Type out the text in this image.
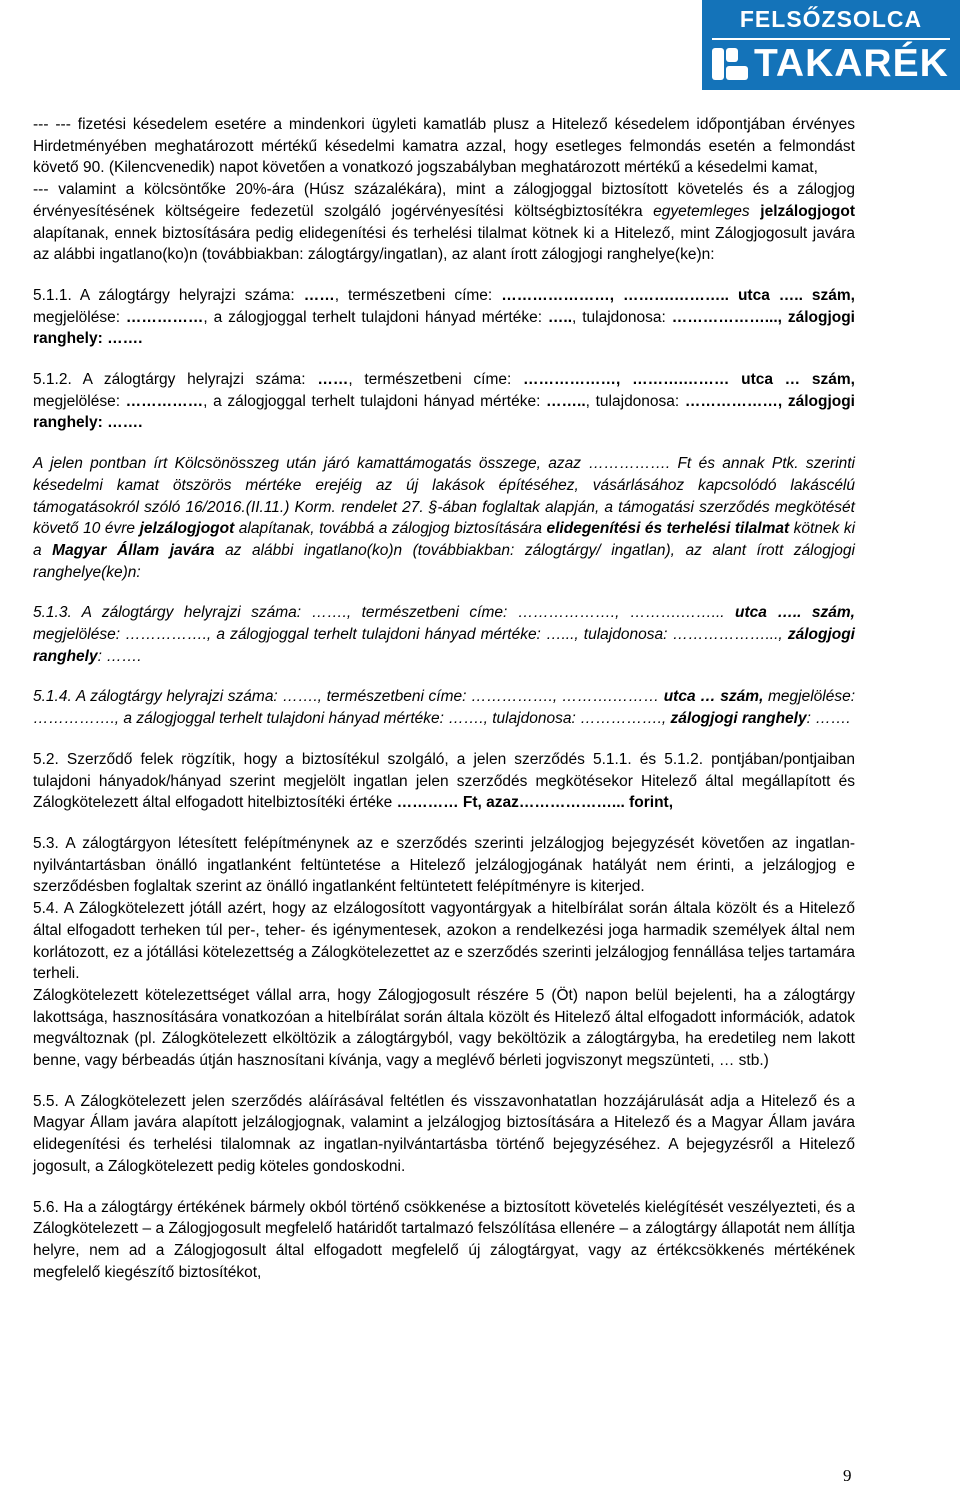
FELSŐZSOLCA
TAKARÉK

--- --- fizetési késedelem esetére a mindenkori ügyleti kamatláb plusz a Hitelező késedelem időpontjában érvényes Hirdetményében meghatározott mértékű késedelmi kamatra azzal, hogy esetleges felmondás esetén a felmondást követő 90. (Kilencvenedik) napot követően a vonatkozó jogszabályban meghatározott mértékű a késedelmi kamat,
--- valamint a kölcsöntőke 20%-ára (Húsz százalékára), mint a zálogjoggal biztosított követelés és a zálogjog érvényesítésének költségeire fedezetül szolgáló jogérvényesítési költségbiztosítékra egyetemleges jelzálogjogot alapítanak, ennek biztosítására pedig elidegenítési és terhelési tilalmat kötnek ki a Hitelező, mint Zálogjogosult javára az alábbi ingatlano(ko)n (továbbiakban: zálogtárgy/ingatlan), az alant írott zálogjogi ranghelye(ke)n:

5.1.1. A zálogtárgy helyrajzi száma: ……, természetbeni címe: …………………, ……….……….. utca ….. szám, megjelölése: ……………, a zálogjoggal terhelt tulajdoni hányad mértéke: ….., tulajdonosa: ………………..., zálogjogi ranghely: …….

5.1.2. A zálogtárgy helyrajzi száma: ……, természetbeni címe: ………………, ……….……… utca … szám, megjelölése: ……………, a zálogjoggal terhelt tulajdoni hányad mértéke: …….., tulajdonosa: ………………, zálogjogi ranghely: …….

A jelen pontban írt Kölcsönösszeg után járó kamattámogatás összege, azaz ……………. Ft és annak Ptk. szerinti késedelmi kamat ötszörös mértéke erejéig az új lakások építéséhez, vásárlásához kapcsolódó lakáscélú támogatásokról szóló 16/2016.(II.11.) Korm. rendelet 27. §-ában foglaltak alapján, a támogatási szerződés megkötését követő 10 évre jelzálogjogot alapítanak, továbbá a zálogjog biztosítására elidegenítési és terhelési tilalmat kötnek ki a Magyar Állam javára az alábbi ingatlano(ko)n (továbbiakban: zálogtárgy/ ingatlan), az alant írott zálogjogi ranghelye(ke)n:

5.1.3. A zálogtárgy helyrajzi száma: ……., természetbeni címe: ………………., ……….……... utca ….. szám, megjelölése: ……………., a zálogjoggal terhelt tulajdoni hányad mértéke: …..., tulajdonosa: ………………..., zálogjogi ranghely: …….

5.1.4. A zálogtárgy helyrajzi száma: ……., természetbeni címe: ……………., ……….……… utca … szám, megjelölése: ……………., a zálogjoggal terhelt tulajdoni hányad mértéke: ……., tulajdonosa: ……………., zálogjogi ranghely: …….

5.2. Szerződő felek rögzítik, hogy a biztosítékul szolgáló, a jelen szerződés 5.1.1. és 5.1.2. pontjában/pontjaiban tulajdoni hányadok/hányad szerint megjelölt ingatlan jelen szerződés megkötésekor Hitelező által megállapított és Zálogkötelezett által elfogadott hitelbiztosítéki értéke ………… Ft, azaz………………... forint,

5.3. A zálogtárgyon létesített felépítménynek az e szerződés szerinti jelzálogjog bejegyzését követően az ingatlan-nyilvántartásban önálló ingatlanként feltüntetése a Hitelező jelzálogjogának hatályát nem érinti, a jelzálogjog e szerződésben foglaltak szerint az önálló ingatlanként feltüntetett felépítményre is kiterjed.

5.4. A Zálogkötelezett jótáll azért, hogy az elzálogosított vagyontárgyak a hitelbírálat során általa közölt és a Hitelező által elfogadott terheken túl per-, teher- és igénymentesek, azokon a rendelkezési joga harmadik személyek által nem korlátozott, ez a jótállási kötelezettség a Zálogkötelezettet az e szerződés szerinti jelzálogjog fennállása teljes tartamára terheli.

Zálogkötelezett kötelezettséget vállal arra, hogy Zálogjogosult részére 5 (Öt) napon belül bejelenti, ha a zálogtárgy lakottsága, hasznosítására vonatkozóan a hitelbírálat során általa közölt és Hitelező által elfogadott információk, adatok megváltoznak (pl. Zálogkötelezett elköltözik a zálogtárgyból, vagy beköltözik a zálogtárgyba, ha eredetileg nem lakott benne, vagy bérbeadás útján hasznosítani kívánja, vagy a meglévő bérleti jogviszonyt megszünteti, … stb.)

5.5. A Zálogkötelezett jelen szerződés aláírásával feltétlen és visszavonhatatlan hozzájárulását adja a Hitelező és a Magyar Állam javára alapított jelzálogjognak, valamint a jelzálogjog biztosítására a Hitelező és a Magyar Állam javára elidegenítési és terhelési tilalomnak az ingatlan-nyilvántartásba történő bejegyzéséhez. A bejegyzésről a Hitelező jogosult, a Zálogkötelezett pedig köteles gondoskodni.

5.6. Ha a zálogtárgy értékének bármely okból történő csökkenése a biztosított követelés kielégítését veszélyezteti, és a Zálogkötelezett – a Zálogjogosult megfelelő határidőt tartalmazó felszólítása ellenére – a zálogtárgy állapotát nem állítja helyre, nem ad a Zálogjogosult által elfogadott megfelelő új zálogtárgyat, vagy az értékcsökkenés mértékének megfelelő kiegészítő biztosítékot,

9
